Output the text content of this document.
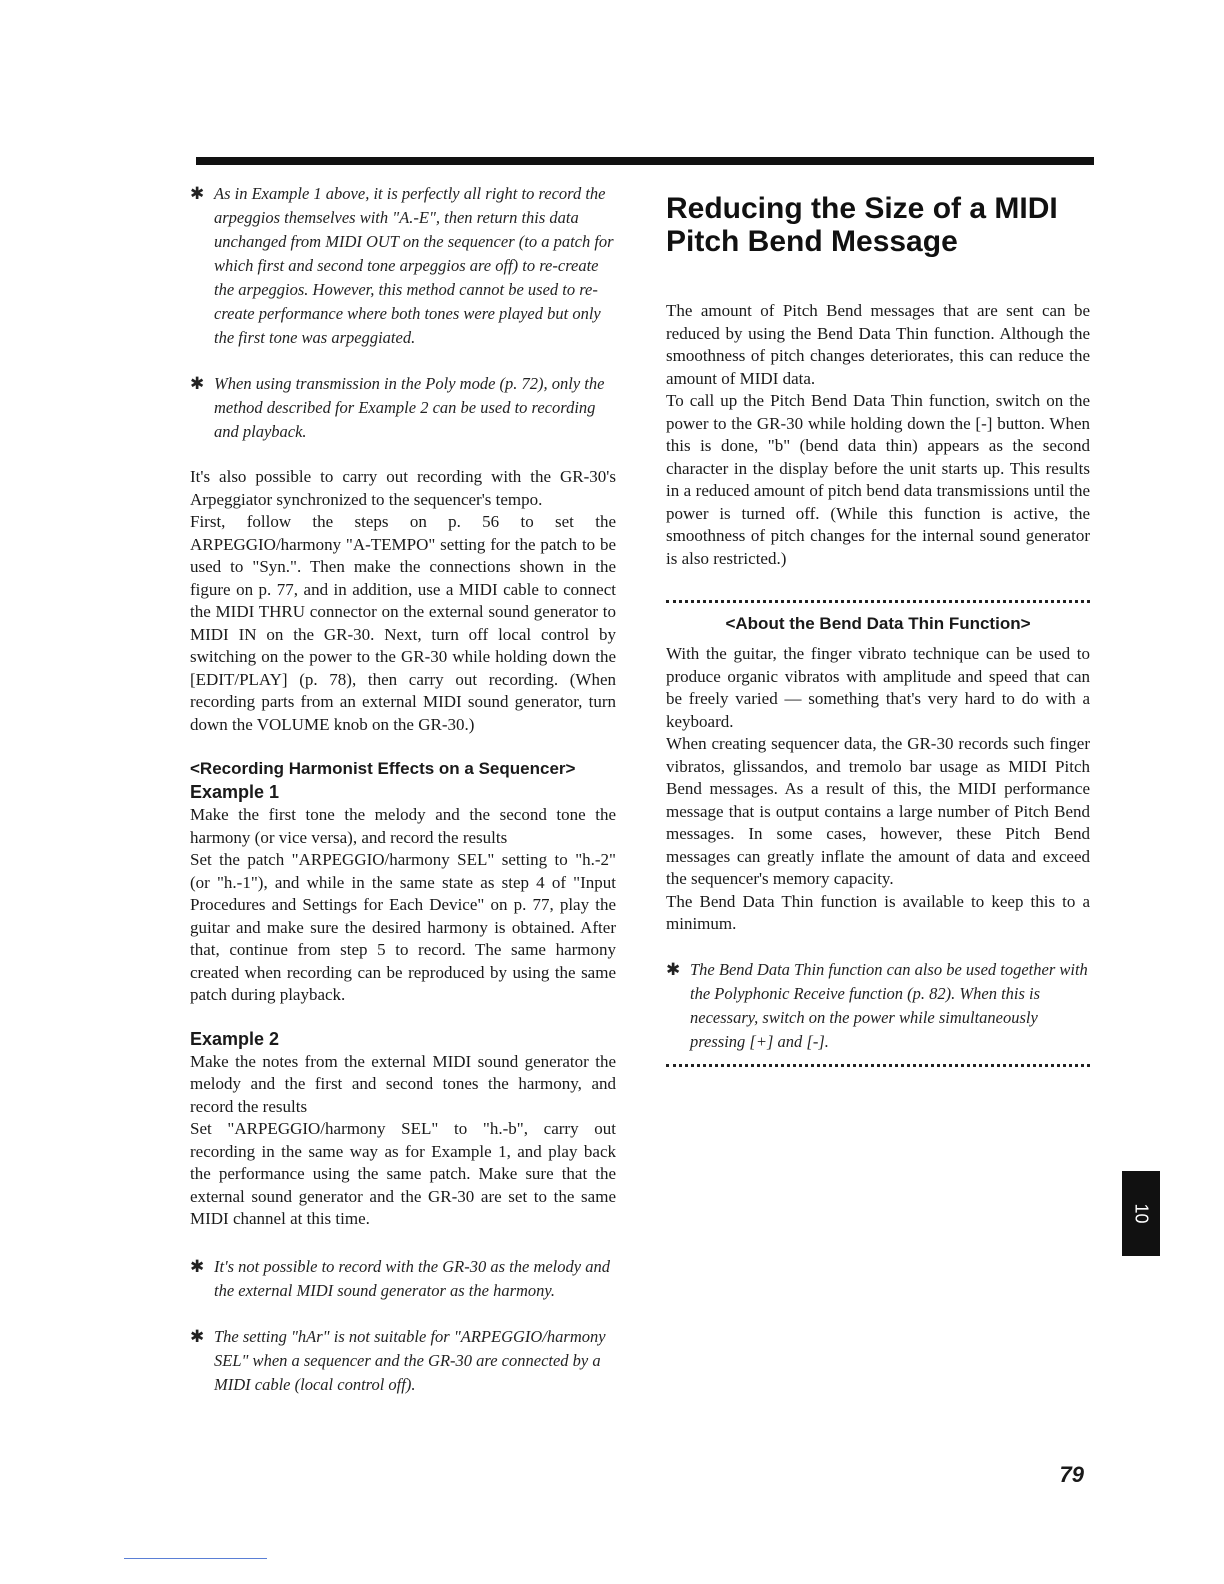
✱ As in Example 1 above, it is perfectly all right to record the arpeggios themselves with "A.-E", then return this data unchanged from MIDI OUT on the sequencer (to a patch for which first and second tone arpeggios are off) to re-create the arpeggios. However, this method cannot be used to re-create performance where both tones were played but only the first tone was arpeggiated.
✱ When using transmission in the Poly mode (p. 72), only the method described for Example 2 can be used to recording and playback.

It's also possible to carry out recording with the GR-30's Arpeggiator synchronized to the sequencer's tempo.

First, follow the steps on p. 56 to set the ARPEGGIO/harmony "A-TEMPO" setting for the patch to be used to "Syn.". Then make the connections shown in the figure on p. 77, and in addition, use a MIDI cable to connect the MIDI THRU connector on the external sound generator to MIDI IN on the GR-30. Next, turn off local control by switching on the power to the GR-30 while holding down the [EDIT/PLAY] (p. 78), then carry out recording. (When recording parts from an external MIDI sound generator, turn down the VOLUME knob on the GR-30.)

<Recording Harmonist Effects on a Sequencer>

Example 1

Make the first tone the melody and the second tone the harmony (or vice versa), and record the results

Set the patch "ARPEGGIO/harmony SEL" setting to "h.-2" (or "h.-1"), and while in the same state as step 4 of "Input Procedures and Settings for Each Device" on p. 77, play the guitar and make sure the desired harmony is obtained. After that, continue from step 5 to record. The same harmony created when recording can be reproduced by using the same patch during playback.

Example 2

Make the notes from the external MIDI sound generator the melody and the first and second tones the harmony, and record the results

Set "ARPEGGIO/harmony SEL" to "h.-b", carry out recording in the same way as for Example 1, and play back the performance using the same patch. Make sure that the external sound generator and the GR-30 are set to the same MIDI channel at this time.

✱ It's not possible to record with the GR-30 as the melody and the external MIDI sound generator as the harmony.
✱ The setting "hAr" is not suitable for "ARPEGGIO/harmony SEL" when a sequencer and the GR-30 are connected by a MIDI cable (local control off).
Reducing the Size of a MIDI Pitch Bend Message

The amount of Pitch Bend messages that are sent can be reduced by using the Bend Data Thin function. Although the smoothness of pitch changes deteriorates, this can reduce the amount of MIDI data.

To call up the Pitch Bend Data Thin function, switch on the power to the GR-30 while holding down the [-] button. When this is done, "b" (bend data thin) appears as the second character in the display before the unit starts up. This results in a reduced amount of pitch bend data transmissions until the power is turned off. (While this function is active, the smoothness of pitch changes for the internal sound generator is also restricted.)

<About the Bend Data Thin Function>

With the guitar, the finger vibrato technique can be used to produce organic vibratos with amplitude and speed that can be freely varied — something that's very hard to do with a keyboard.

When creating sequencer data, the GR-30 records such finger vibratos, glissandos, and tremolo bar usage as MIDI Pitch Bend messages. As a result of this, the MIDI performance message that is output contains a large number of Pitch Bend messages. In some cases, however, these Pitch Bend messages can greatly inflate the amount of data and exceed the sequencer's memory capacity.

The Bend Data Thin function is available to keep this to a minimum.

✱ The Bend Data Thin function can also be used together with the Polyphonic Receive function (p. 82). When this is necessary, switch on the power while simultaneously pressing [+] and [-].
10
79
